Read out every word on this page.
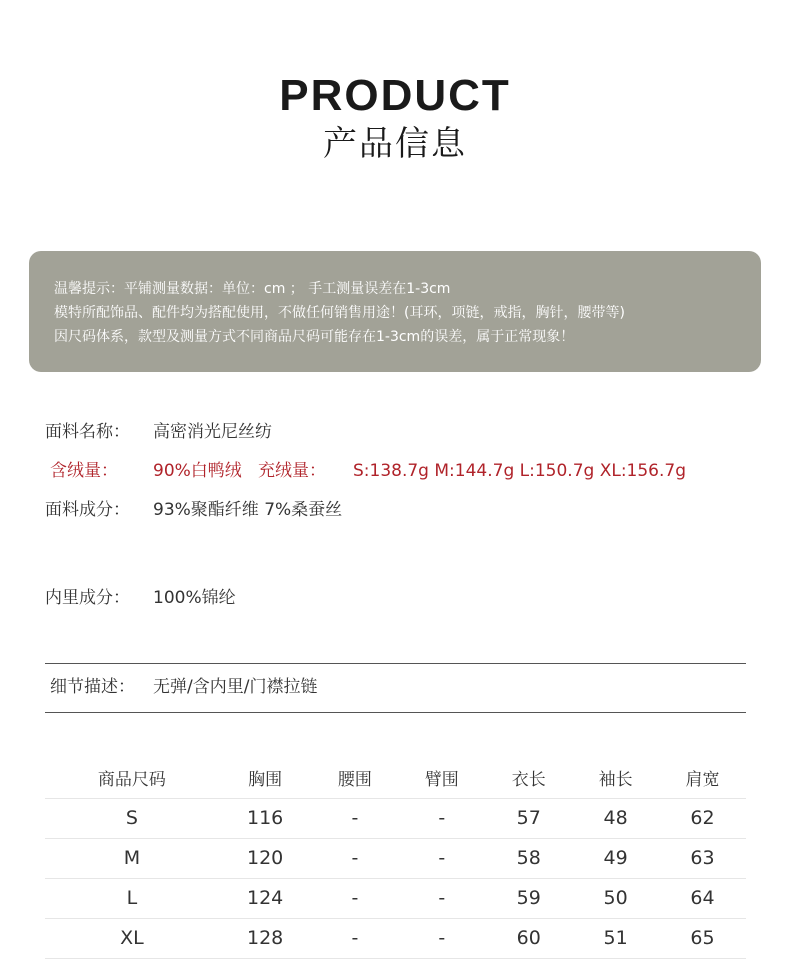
PRODUCT
产品信息
温馨提示：平铺测量数据：单位：cm ； 手工测量误差在1-3cm
模特所配饰品、配件均为搭配使用，不做任何销售用途！(耳环，项链，戒指，胸针，腰带等)
因尺码体系，款型及测量方式不同商品尺码可能存在1-3cm的误差，属于正常现象！
面料名称： 高密消光尼丝纺
含绒量： 90%白鸭绒 充绒量： S:138.7g M:144.7g L:150.7g XL:156.7g
面料成分： 93%聚酯纤维 7%桑蚕丝
内里成分： 100%锦纶
细节描述： 无弹/含内里/门襟拉链
商品尺码	胸围	腰围	臂围	衣长	袖长	肩宽
S	116	-	-	57	48	62
M	120	-	-	58	49	63
L	124	-	-	59	50	64
XL	128	-	-	60	51	65
